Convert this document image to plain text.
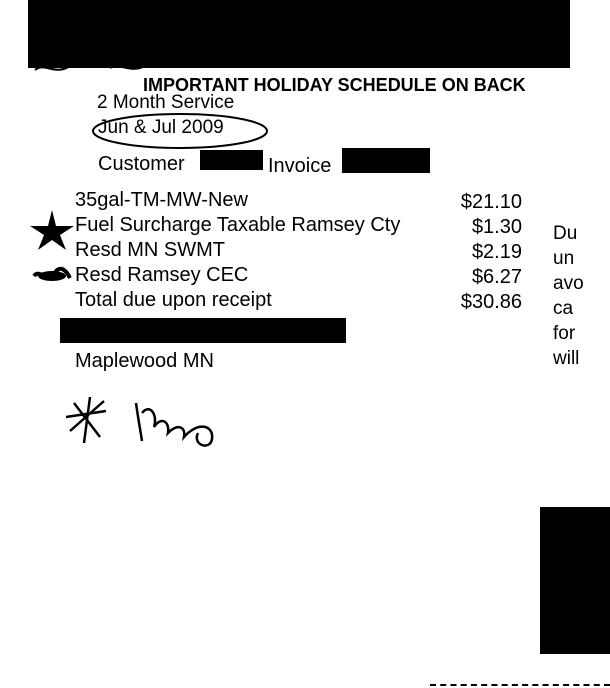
IMPORTANT HOLIDAY SCHEDULE ON BACK
2 Month Service
Jun & Jul 2009
Customer	Invoice
35gal-TM-MW-New	$21.10
Fuel Surcharge Taxable Ramsey Cty	$1.30
Resd MN SWMT	$2.19
Resd Ramsey CEC	$6.27
Total due upon receipt	$30.86
Maplewood MN
Du
un
avo
ca
for
will
